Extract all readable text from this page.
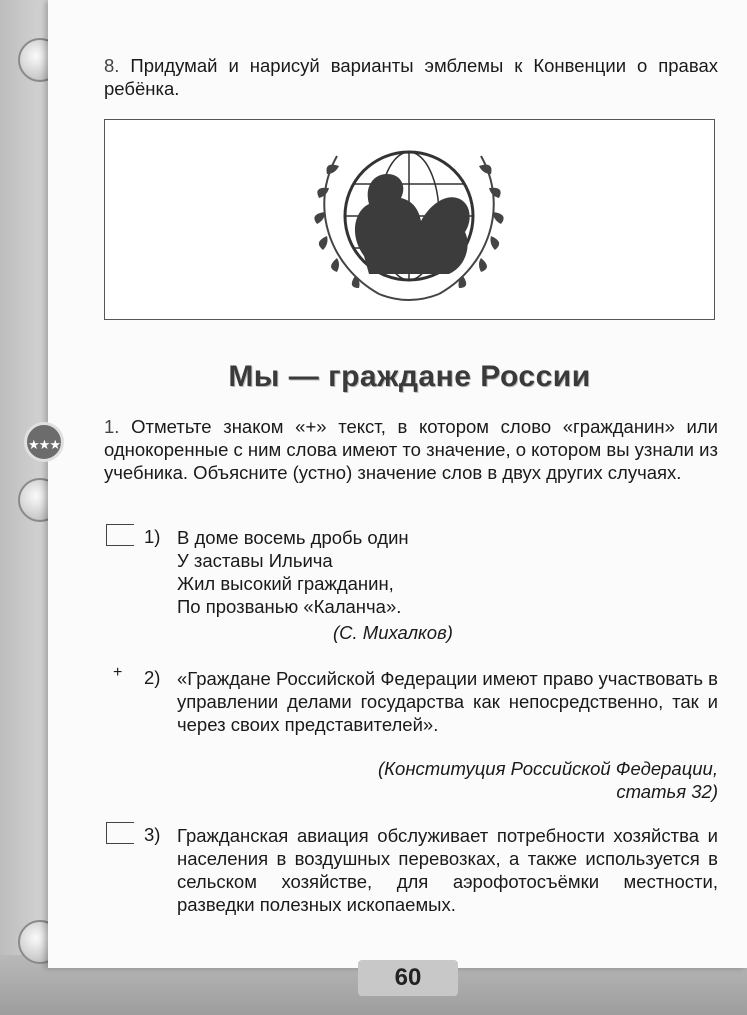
★★★
8. Придумай и нарисуй варианты эмблемы к Конвенции о правах ребёнка.
Мы — граждане России
1. Отметьте знаком «+» текст, в котором слово «гражданин» или однокоренные с ним слова имеют то значение, о котором вы узнали из учебника. Объясните (устно) значение слов в двух других случаях.
1) В доме восемь дробь один
У заставы Ильича
Жил высокий гражданин,
По прозванью «Каланча».
(С. Михалков)
+ 2) «Граждане Российской Федерации имеют право участвовать в управлении делами государства как непосредственно, так и через своих представителей».
(Конституция Российской Федерации,
статья 32)
3) Гражданская авиация обслуживает потребности хозяйства и населения в воздушных перевозках, а также используется в сельском хозяйстве, для аэрофотосъёмки местности, разведки полезных ископаемых.
60
